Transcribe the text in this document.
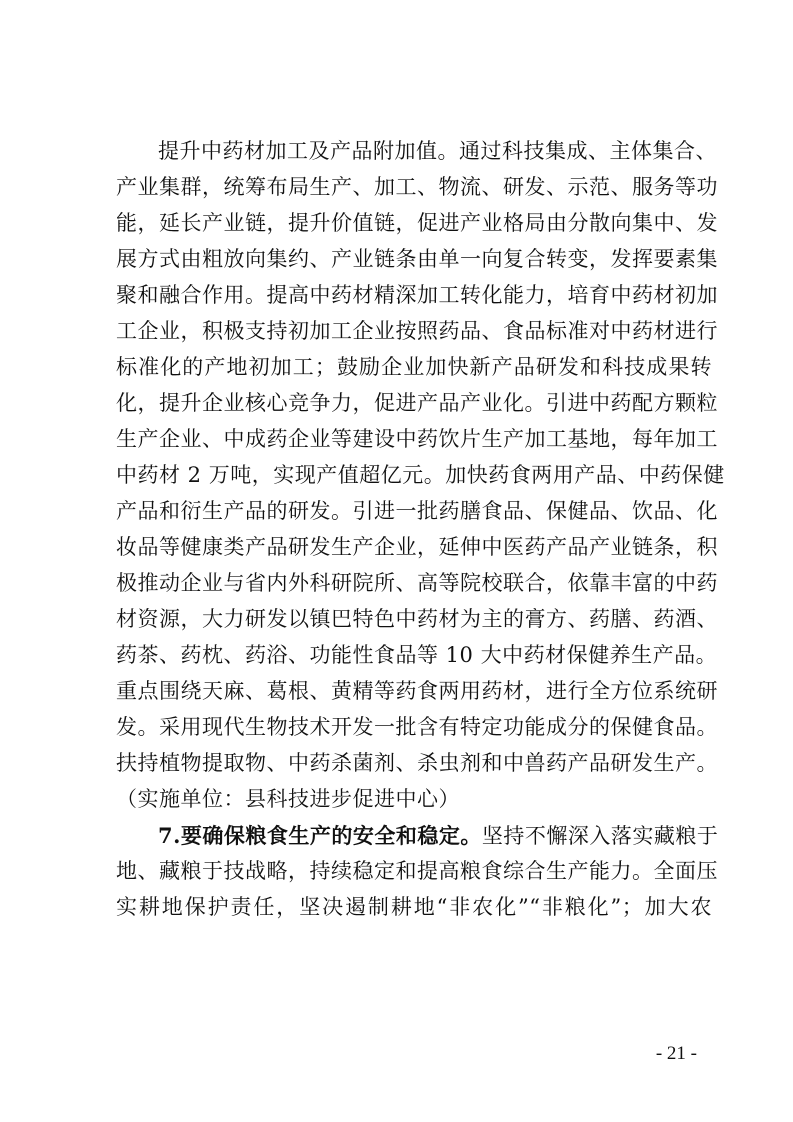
提升中药材加工及产品附加值。通过科技集成、主体集合、
产业集群，统筹布局生产、加工、物流、研发、示范、服务等功
能，延长产业链，提升价值链，促进产业格局由分散向集中、发
展方式由粗放向集约、产业链条由单一向复合转变，发挥要素集
聚和融合作用。提高中药材精深加工转化能力，培育中药材初加
工企业，积极支持初加工企业按照药品、食品标准对中药材进行
标准化的产地初加工；鼓励企业加快新产品研发和科技成果转
化，提升企业核心竞争力，促进产品产业化。引进中药配方颗粒
生产企业、中成药企业等建设中药饮片生产加工基地，每年加工
中药材 2 万吨，实现产值超亿元。加快药食两用产品、中药保健
产品和衍生产品的研发。引进一批药膳食品、保健品、饮品、化
妆品等健康类产品研发生产企业，延伸中医药产品产业链条，积
极推动企业与省内外科研院所、高等院校联合，依靠丰富的中药
材资源，大力研发以镇巴特色中药材为主的膏方、药膳、药酒、
药茶、药枕、药浴、功能性食品等 10 大中药材保健养生产品。
重点围绕天麻、葛根、黄精等药食两用药材，进行全方位系统研
发。采用现代生物技术开发一批含有特定功能成分的保健食品。
扶持植物提取物、中药杀菌剂、杀虫剂和中兽药产品研发生产。
（实施单位：县科技进步促进中心）
7.要确保粮食生产的安全和稳定。坚持不懈深入落实藏粮于
地、藏粮于技战略，持续稳定和提高粮食综合生产能力。全面压
实耕地保护责任，坚决遏制耕地“非农化”“非粮化”；加大农
- 21 -
